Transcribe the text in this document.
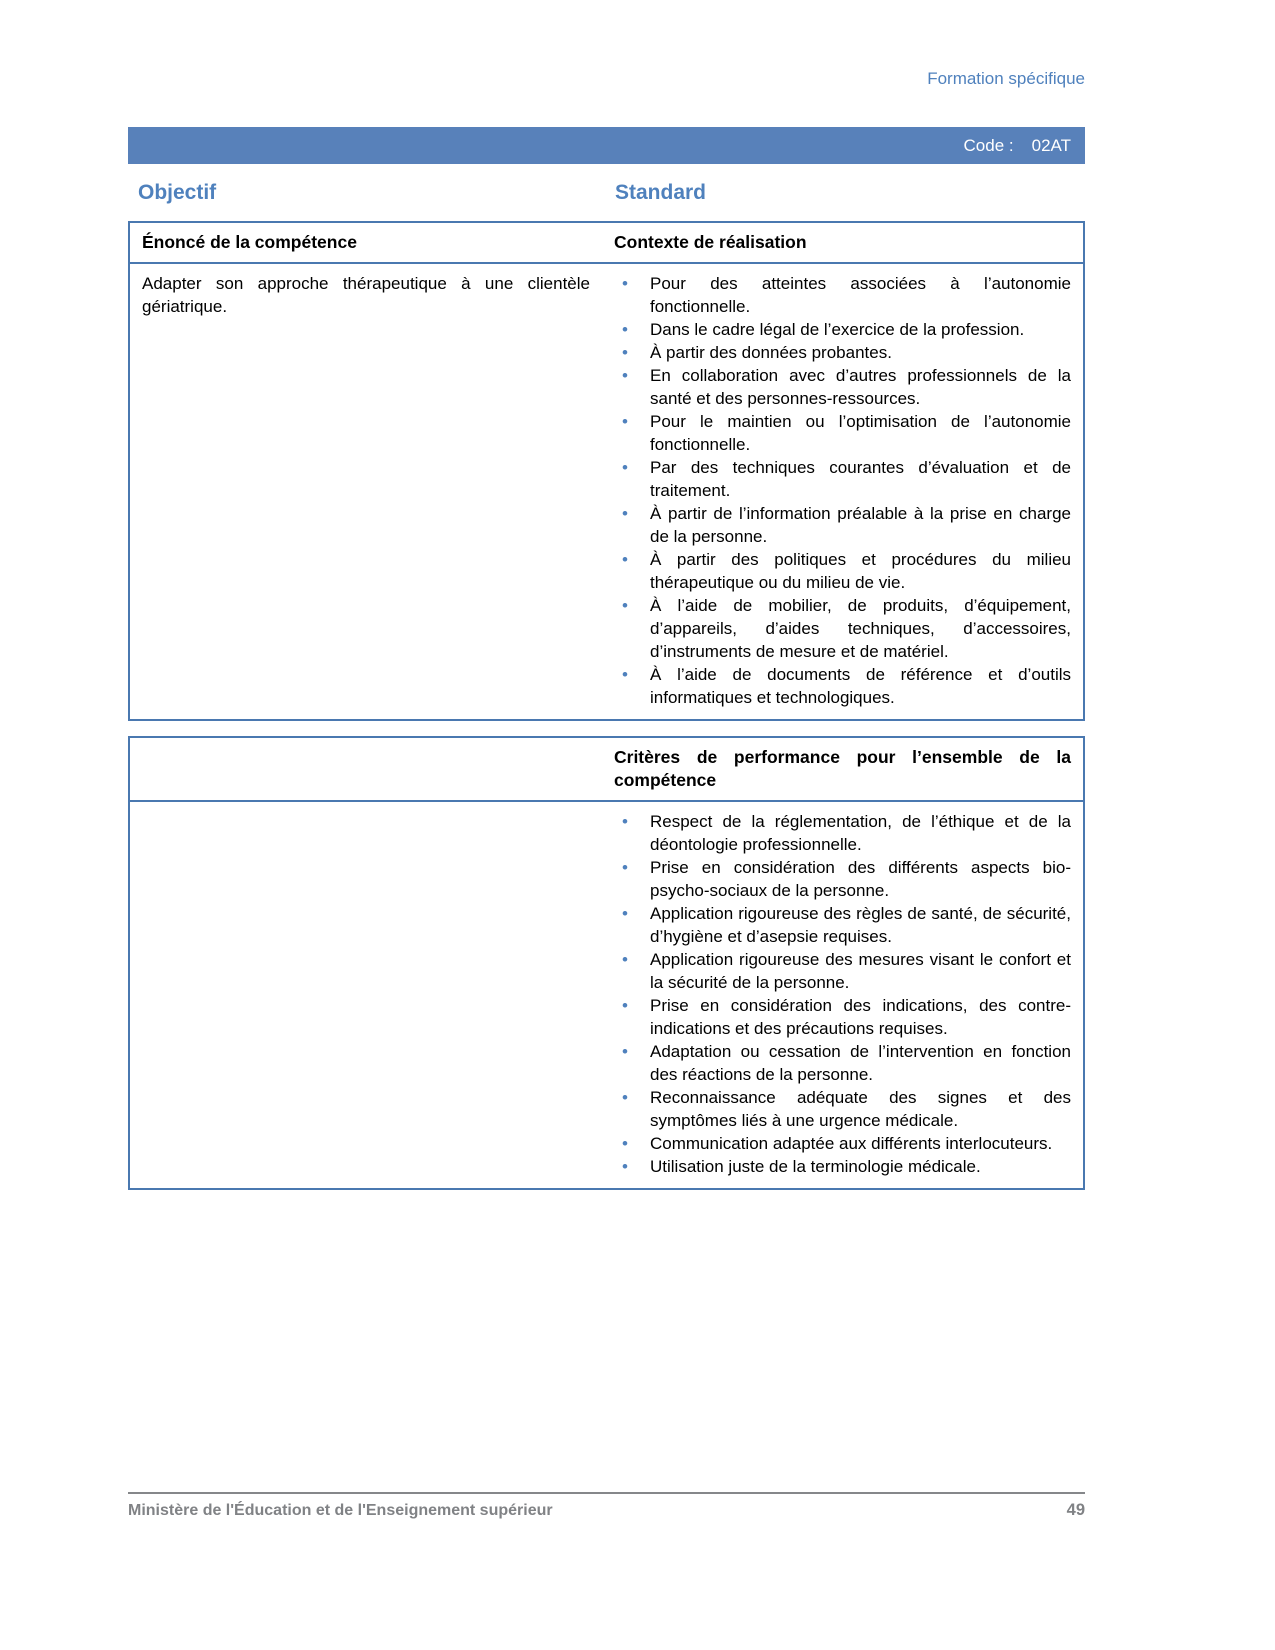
Formation spécifique
Code : 02AT
Objectif	Standard
Énoncé de la compétence	Contexte de réalisation
Adapter son approche thérapeutique à une clientèle gériatrique.
• Pour des atteintes associées à l’autonomie fonctionnelle.
• Dans le cadre légal de l’exercice de la profession.
• À partir des données probantes.
• En collaboration avec d’autres professionnels de la santé et des personnes-ressources.
• Pour le maintien ou l’optimisation de l’autonomie fonctionnelle.
• Par des techniques courantes d’évaluation et de traitement.
• À partir de l’information préalable à la prise en charge de la personne.
• À partir des politiques et procédures du milieu thérapeutique ou du milieu de vie.
• À l’aide de mobilier, de produits, d’équipement, d’appareils, d’aides techniques, d’accessoires, d’instruments de mesure et de matériel.
• À l’aide de documents de référence et d’outils informatiques et technologiques.
Critères de performance pour l’ensemble de la compétence
• Respect de la réglementation, de l’éthique et de la déontologie professionnelle.
• Prise en considération des différents aspects bio-psycho-sociaux de la personne.
• Application rigoureuse des règles de santé, de sécurité, d’hygiène et d’asepsie requises.
• Application rigoureuse des mesures visant le confort et la sécurité de la personne.
• Prise en considération des indications, des contre-indications et des précautions requises.
• Adaptation ou cessation de l’intervention en fonction des réactions de la personne.
• Reconnaissance adéquate des signes et des symptômes liés à une urgence médicale.
• Communication adaptée aux différents interlocuteurs.
• Utilisation juste de la terminologie médicale.
Ministère de l'Éducation et de l'Enseignement supérieur	49
